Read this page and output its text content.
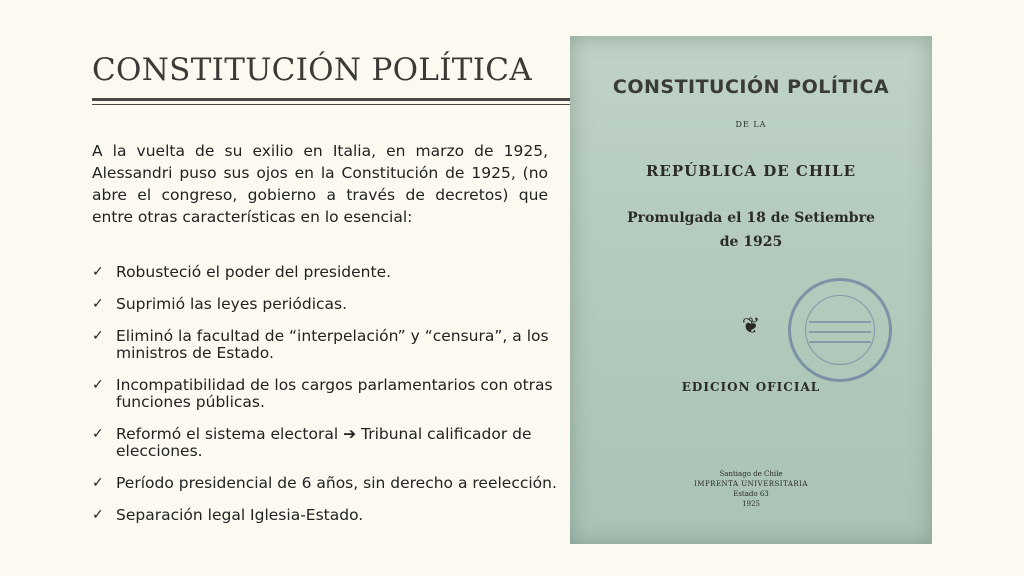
CONSTITUCIÓN POLÍTICA

A la vuelta de su exilio en Italia, en marzo de 1925, Alessandri puso sus ojos en la Constitución de 1925, (no abre el congreso, gobierno a través de decretos) que entre otras características en lo esencial:

✓ Robusteció el poder del presidente.
✓ Suprimió las leyes periódicas.
✓ Eliminó la facultad de “interpelación” y “censura”, a los ministros de Estado.
✓ Incompatibilidad de los cargos parlamentarios con otras funciones públicas.
✓ Reformó el sistema electoral ➔ Tribunal calificador de elecciones.
✓ Período presidencial de 6 años, sin derecho a reelección.
✓ Separación legal Iglesia-Estado.

CONSTITUCIÓN POLÍTICA

DE LA

REPÚBLICA DE CHILE

Promulgada el 18 de Setiembre

de 1925

❦

EDICION OFICIAL

Santiago de Chile

IMPRENTA UNIVERSITARIA

Estado 63

1925
